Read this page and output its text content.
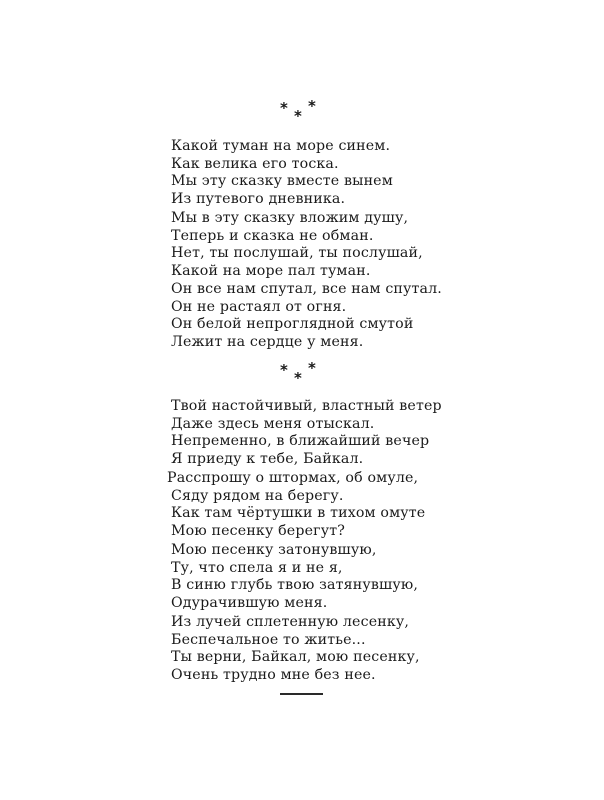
* *
*
Какой туман на море синем.
Как велика его тоска.
Мы эту сказку вместе вынем
Из путевого дневника.
Мы в эту сказку вложим душу,
Теперь и сказка не обман.
Нет, ты послушай, ты послушай,
Какой на море пал туман.
Он все нам спутал, все нам спутал.
Он не растаял от огня.
Он белой непроглядной смутой
Лежит на сердце у меня.
* *
*
Твой настойчивый, властный ветер
Даже здесь меня отыскал.
Непременно, в ближайший вечер
Я приеду к тебе, Байкал.
Расспрошу о штормах, об омуле,
Сяду рядом на берегу.
Как там чёртушки в тихом омуте
Мою песенку берегут?
Мою песенку затонувшую,
Ту, что спела я и не я,
В синю глубь твою затянувшую,
Одурачившую меня.
Из лучей сплетенную лесенку,
Беспечальное то житье...
Ты верни, Байкал, мою песенку,
Очень трудно мне без нее.
